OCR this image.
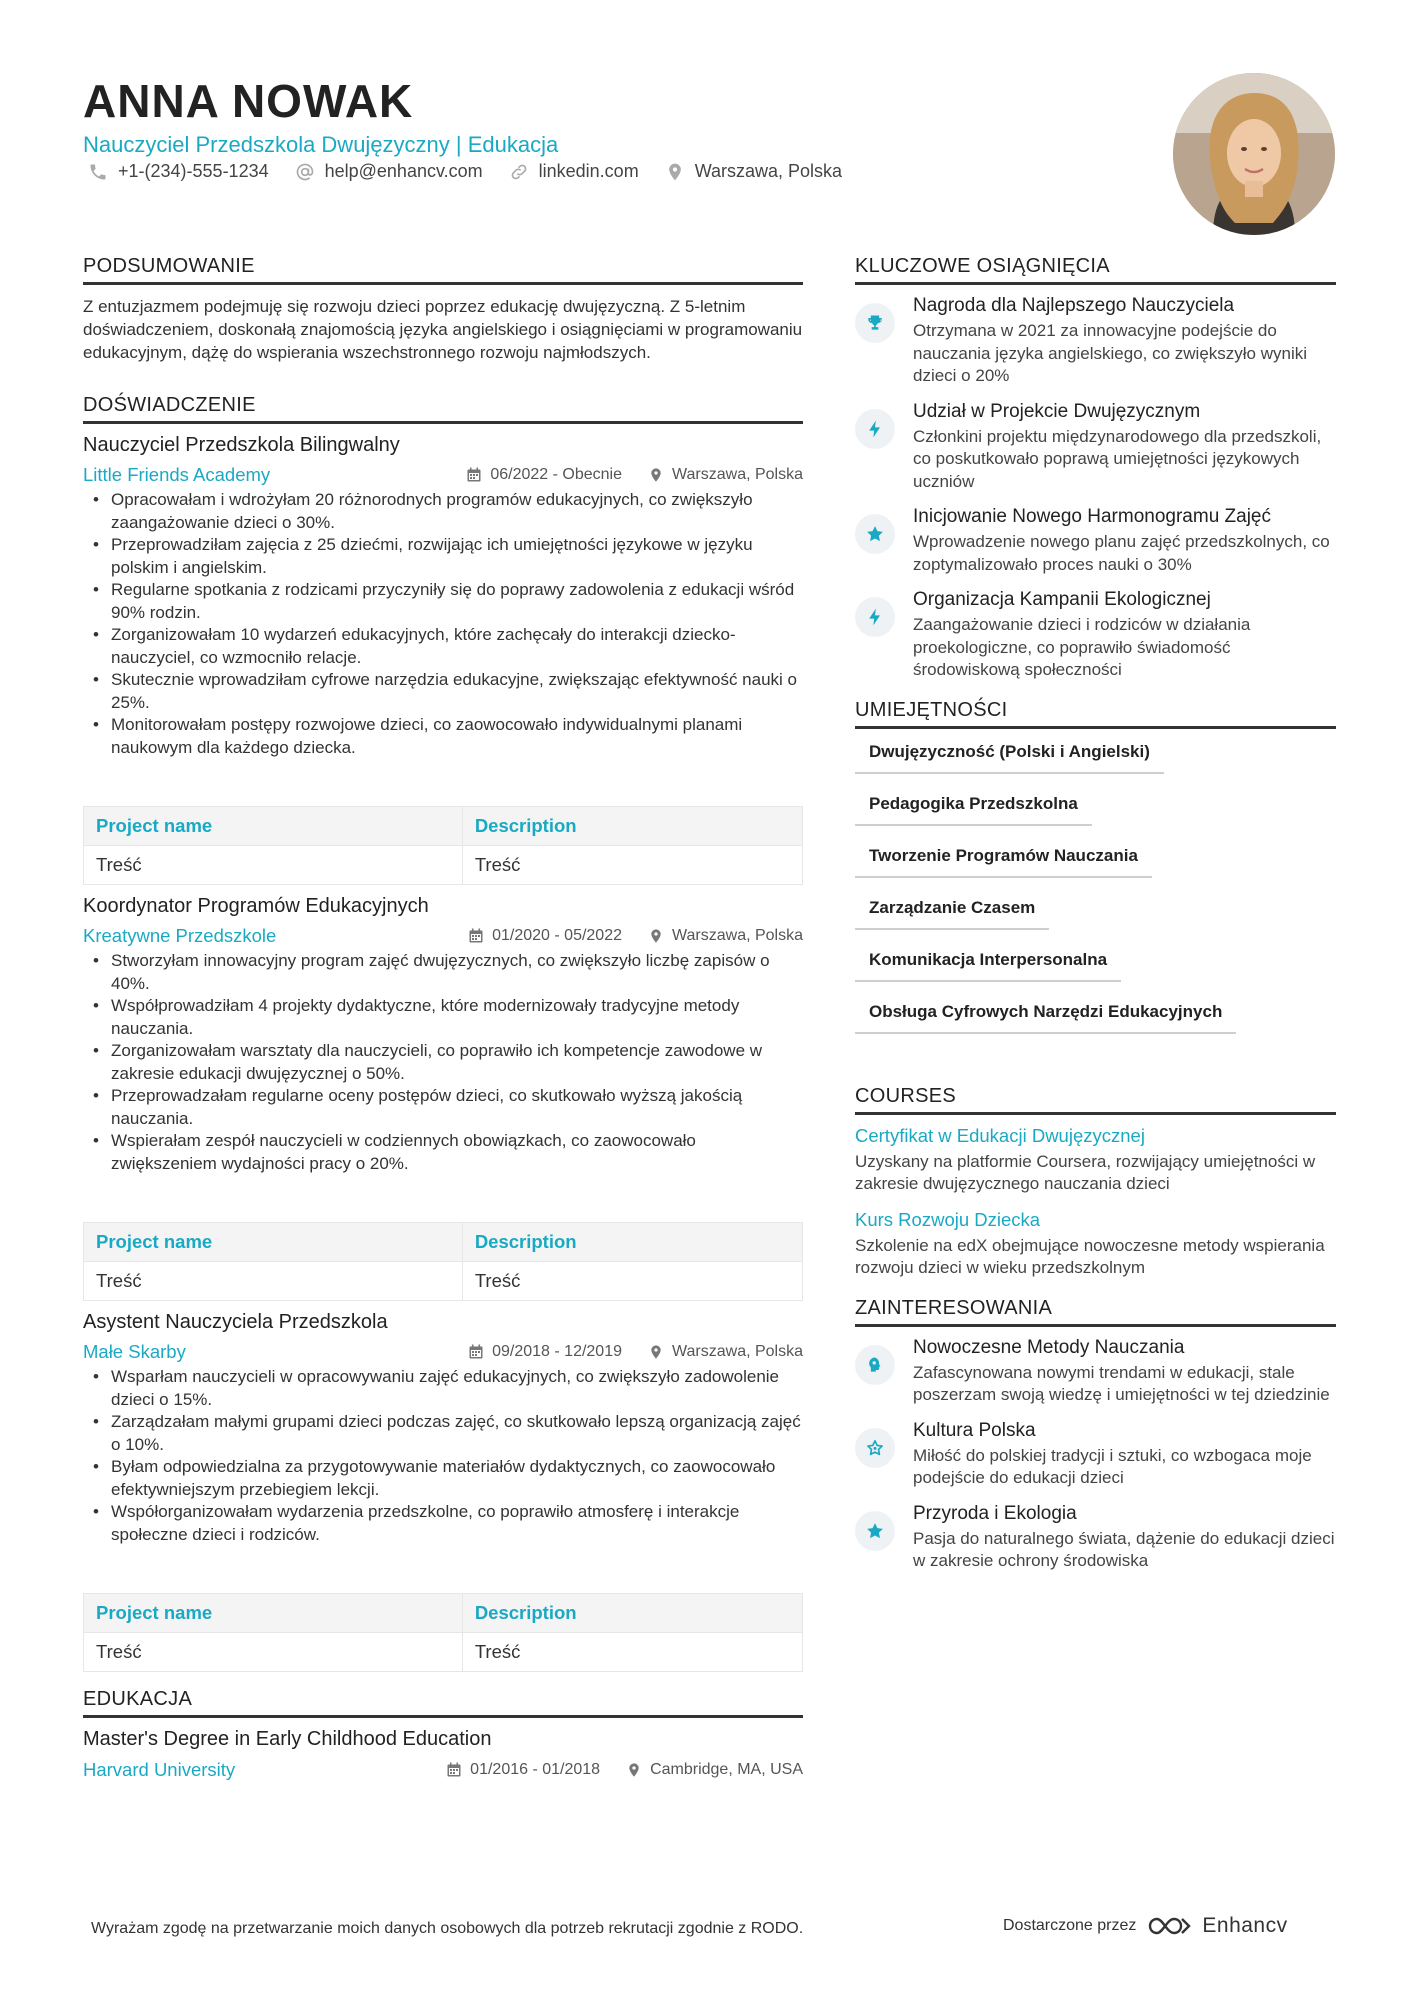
ANNA NOWAK
Nauczyciel Przedszkola Dwujęzyczny | Edukacja
+1-(234)-555-1234	help@enhancv.com	linkedin.com	Warszawa, Polska
PODSUMOWANIE
Z entuzjazmem podejmuję się rozwoju dzieci poprzez edukację dwujęzyczną. Z 5-letnim doświadczeniem, doskonałą znajomością języka angielskiego i osiągnięciami w programowaniu edukacyjnym, dążę do wspierania wszechstronnego rozwoju najmłodszych.
DOŚWIADCZENIE
Nauczyciel Przedszkola Bilingwalny
Little Friends Academy	06/2022 - Obecnie	Warszawa, Polska
• Opracowałam i wdrożyłam 20 różnorodnych programów edukacyjnych, co zwiększyło zaangażowanie dzieci o 30%.
• Przeprowadziłam zajęcia z 25 dziećmi, rozwijając ich umiejętności językowe w języku polskim i angielskim.
• Regularne spotkania z rodzicami przyczyniły się do poprawy zadowolenia z edukacji wśród 90% rodzin.
• Zorganizowałam 10 wydarzeń edukacyjnych, które zachęcały do interakcji dziecko-nauczyciel, co wzmocniło relacje.
• Skutecznie wprowadziłam cyfrowe narzędzia edukacyjne, zwiększając efektywność nauki o 25%.
• Monitorowałam postępy rozwojowe dzieci, co zaowocowało indywidualnymi planami naukowym dla każdego dziecka.
Project name	Description
Treść	Treść
Koordynator Programów Edukacyjnych
Kreatywne Przedszkole	01/2020 - 05/2022	Warszawa, Polska
• Stworzyłam innowacyjny program zajęć dwujęzycznych, co zwiększyło liczbę zapisów o 40%.
• Współprowadziłam 4 projekty dydaktyczne, które modernizowały tradycyjne metody nauczania.
• Zorganizowałam warsztaty dla nauczycieli, co poprawiło ich kompetencje zawodowe w zakresie edukacji dwujęzycznej o 50%.
• Przeprowadzałam regularne oceny postępów dzieci, co skutkowało wyższą jakością nauczania.
• Wspierałam zespół nauczycieli w codziennych obowiązkach, co zaowocowało zwiększeniem wydajności pracy o 20%.
Project name	Description
Treść	Treść
Asystent Nauczyciela Przedszkola
Małe Skarby	09/2018 - 12/2019	Warszawa, Polska
• Wsparłam nauczycieli w opracowywaniu zajęć edukacyjnych, co zwiększyło zadowolenie dzieci o 15%.
• Zarządzałam małymi grupami dzieci podczas zajęć, co skutkowało lepszą organizacją zajęć o 10%.
• Byłam odpowiedzialna za przygotowywanie materiałów dydaktycznych, co zaowocowało efektywniejszym przebiegiem lekcji.
• Współorganizowałam wydarzenia przedszkolne, co poprawiło atmosferę i interakcje społeczne dzieci i rodziców.
Project name	Description
Treść	Treść
EDUKACJA
Master's Degree in Early Childhood Education
Harvard University	01/2016 - 01/2018	Cambridge, MA, USA
KLUCZOWE OSIĄGNIĘCIA
Nagroda dla Najlepszego Nauczyciela
Otrzymana w 2021 za innowacyjne podejście do nauczania języka angielskiego, co zwiększyło wyniki dzieci o 20%
Udział w Projekcie Dwujęzycznym
Członkini projektu międzynarodowego dla przedszkoli, co poskutkowało poprawą umiejętności językowych uczniów
Inicjowanie Nowego Harmonogramu Zajęć
Wprowadzenie nowego planu zajęć przedszkolnych, co zoptymalizowało proces nauki o 30%
Organizacja Kampanii Ekologicznej
Zaangażowanie dzieci i rodziców w działania proekologiczne, co poprawiło świadomość środowiskową społeczności
UMIEJĘTNOŚCI
Dwujęzyczność (Polski i Angielski)
Pedagogika Przedszkolna
Tworzenie Programów Nauczania
Zarządzanie Czasem
Komunikacja Interpersonalna
Obsługa Cyfrowych Narzędzi Edukacyjnych
COURSES
Certyfikat w Edukacji Dwujęzycznej
Uzyskany na platformie Coursera, rozwijający umiejętności w zakresie dwujęzycznego nauczania dzieci
Kurs Rozwoju Dziecka
Szkolenie na edX obejmujące nowoczesne metody wspierania rozwoju dzieci w wieku przedszkolnym
ZAINTERESOWANIA
Nowoczesne Metody Nauczania
Zafascynowana nowymi trendami w edukacji, stale poszerzam swoją wiedzę i umiejętności w tej dziedzinie
Kultura Polska
Miłość do polskiej tradycji i sztuki, co wzbogaca moje podejście do edukacji dzieci
Przyroda i Ekologia
Pasja do naturalnego świata, dążenie do edukacji dzieci w zakresie ochrony środowiska
Wyrażam zgodę na przetwarzanie moich danych osobowych dla potrzeb rekrutacji zgodnie z RODO.	Dostarczone przez	Enhancv
